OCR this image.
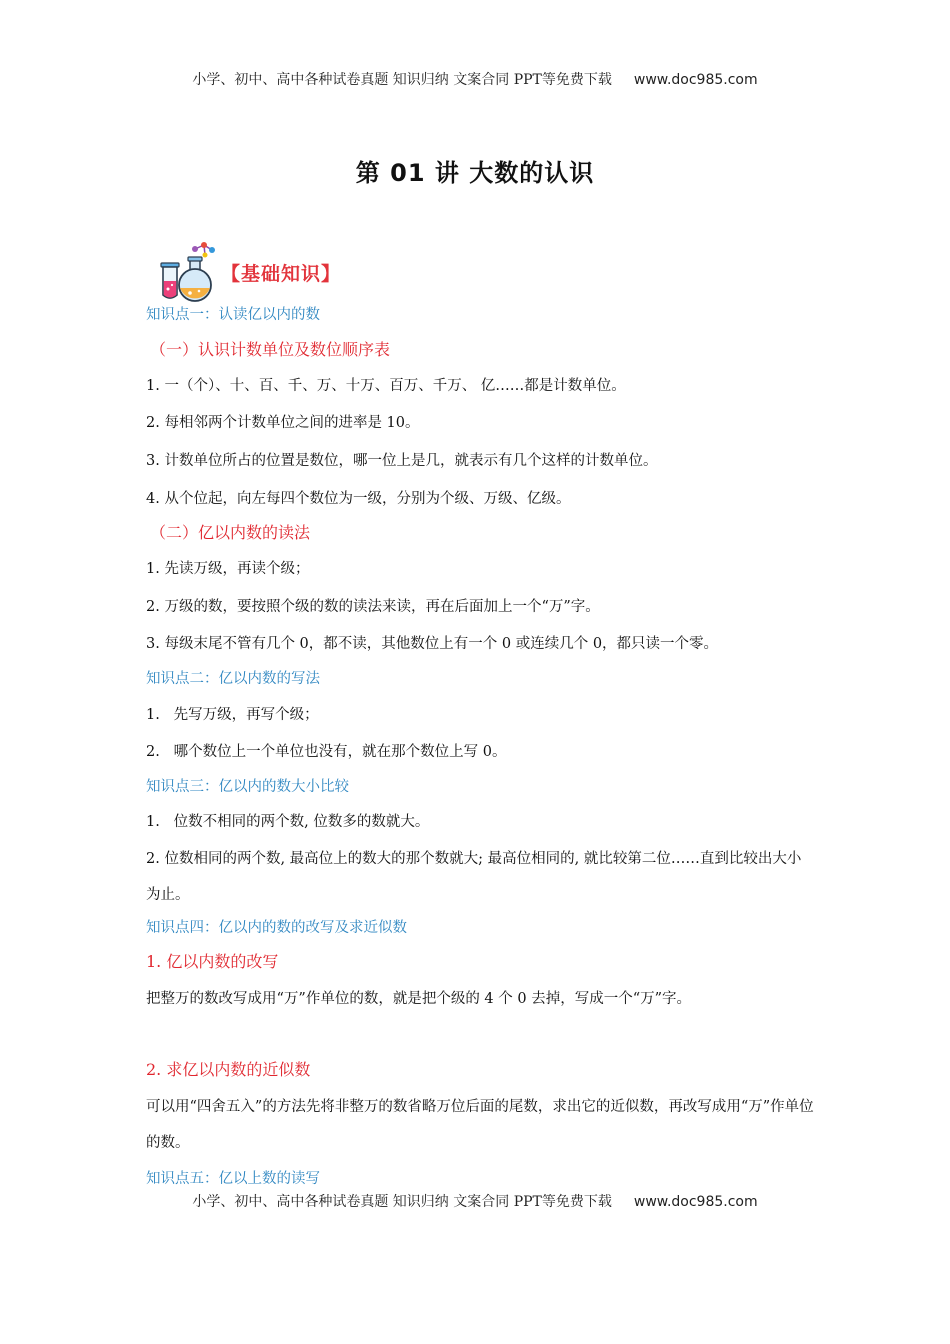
小学、初中、高中各种试卷真题 知识归纳 文案合同 PPT等免费下载 www.doc985.com
第 01 讲 大数的认识
【基础知识】
知识点一：认读亿以内的数
（一）认识计数单位及数位顺序表
1. 一（个）、十、百、千、万、十万、百万、千万、 亿……都是计数单位。
2. 每相邻两个计数单位之间的进率是 10。
3. 计数单位所占的位置是数位，哪一位上是几，就表示有几个这样的计数单位。
4. 从个位起，向左每四个数位为一级，分别为个级、万级、亿级。
（二）亿以内数的读法
1. 先读万级，再读个级；
2. 万级的数，要按照个级的数的读法来读，再在后面加上一个“万”字。
3. 每级末尾不管有几个 0，都不读，其他数位上有一个 0 或连续几个 0，都只读一个零。
知识点二：亿以内数的写法
1.   先写万级，再写个级；
2.   哪个数位上一个单位也没有，就在那个数位上写 0。
知识点三：亿以内的数大小比较
1.   位数不相同的两个数, 位数多的数就大。
2. 位数相同的两个数, 最高位上的数大的那个数就大; 最高位相同的, 就比较第二位……直到比较出大小为止。
知识点四：亿以内的数的改写及求近似数
1. 亿以内数的改写
把整万的数改写成用“万”作单位的数，就是把个级的 4 个 0 去掉，写成一个“万”字。
2. 求亿以内数的近似数
可以用“四舍五入”的方法先将非整万的数省略万位后面的尾数，求出它的近似数，再改写成用“万”作单位的数。
知识点五：亿以上数的读写
小学、初中、高中各种试卷真题 知识归纳 文案合同 PPT等免费下载 www.doc985.com
